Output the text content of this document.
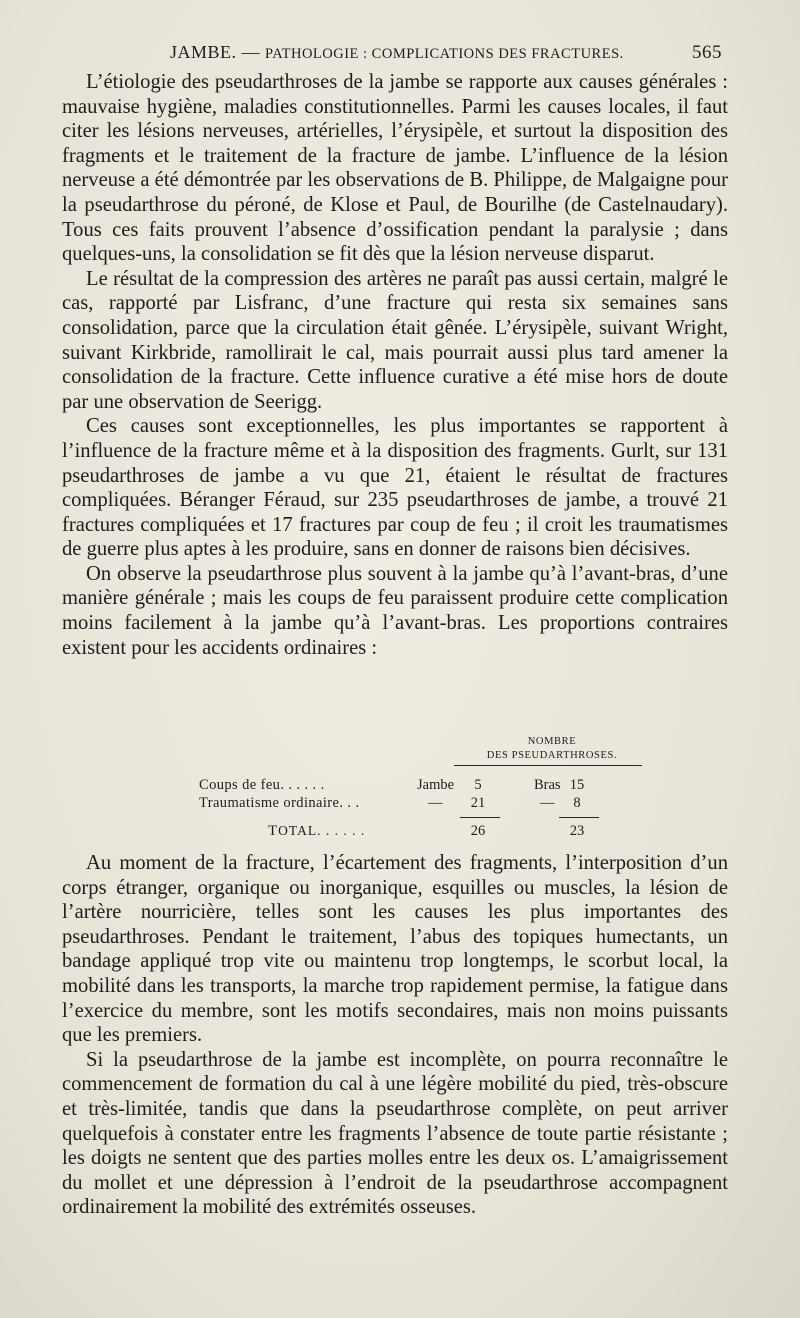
JAMBE. — PATHOLOGIE : COMPLICATIONS DES FRACTURES.	565

L’étiologie des pseudarthroses de la jambe se rapporte aux causes générales : mauvaise hygiène, maladies constitutionnelles. Parmi les causes locales, il faut citer les lésions nerveuses, artérielles, l’érysipèle, et surtout la disposition des fragments et le traitement de la fracture de jambe. L’influence de la lésion nerveuse a été démontrée par les observations de B. Philippe, de Malgaigne pour la pseudarthrose du péroné, de Klose et Paul, de Bourilhe (de Castelnaudary). Tous ces faits prouvent l’absence d’ossification pendant la paralysie ; dans quelques-uns, la consolidation se fit dès que la lésion nerveuse disparut.

Le résultat de la compression des artères ne paraît pas aussi certain, malgré le cas, rapporté par Lisfranc, d’une fracture qui resta six semaines sans consolidation, parce que la circulation était gênée. L’érysipèle, suivant Wright, suivant Kirkbride, ramollirait le cal, mais pourrait aussi plus tard amener la consolidation de la fracture. Cette influence curative a été mise hors de doute par une observation de Seerigg.

Ces causes sont exceptionnelles, les plus importantes se rapportent à l’influence de la fracture même et à la disposition des fragments. Gurlt, sur 131 pseudarthroses de jambe a vu que 21, étaient le résultat de fractures compliquées. Béranger Féraud, sur 235 pseudarthroses de jambe, a trouvé 21 fractures compliquées et 17 fractures par coup de feu ; il croit les traumatismes de guerre plus aptes à les produire, sans en donner de raisons bien décisives.

On observe la pseudarthrose plus souvent à la jambe qu’à l’avant-bras, d’une manière générale ; mais les coups de feu paraissent produire cette complication moins facilement à la jambe qu’à l’avant-bras. Les proportions contraires existent pour les accidents ordinaires :

NOMBRE
DES PSEUDARTHROSES.
Coups de feu. . . . . .	Jambe	5	Bras 15
Traumatisme ordinaire. . .	—	21	—	8
TOTAL. . . . . .	26	23

Au moment de la fracture, l’écartement des fragments, l’interposition d’un corps étranger, organique ou inorganique, esquilles ou muscles, la lésion de l’artère nourricière, telles sont les causes les plus importantes des pseudarthroses. Pendant le traitement, l’abus des topiques humectants, un bandage appliqué trop vite ou maintenu trop longtemps, le scorbut local, la mobilité dans les transports, la marche trop rapidement permise, la fatigue dans l’exercice du membre, sont les motifs secondaires, mais non moins puissants que les premiers.

Si la pseudarthrose de la jambe est incomplète, on pourra reconnaître le commencement de formation du cal à une légère mobilité du pied, très-obscure et très-limitée, tandis que dans la pseudarthrose complète, on peut arriver quelquefois à constater entre les fragments l’absence de toute partie résistante ; les doigts ne sentent que des parties molles entre les deux os. L’amaigrissement du mollet et une dépression à l’endroit de la pseudarthrose accompagnent ordinairement la mobilité des extrémités osseuses.
